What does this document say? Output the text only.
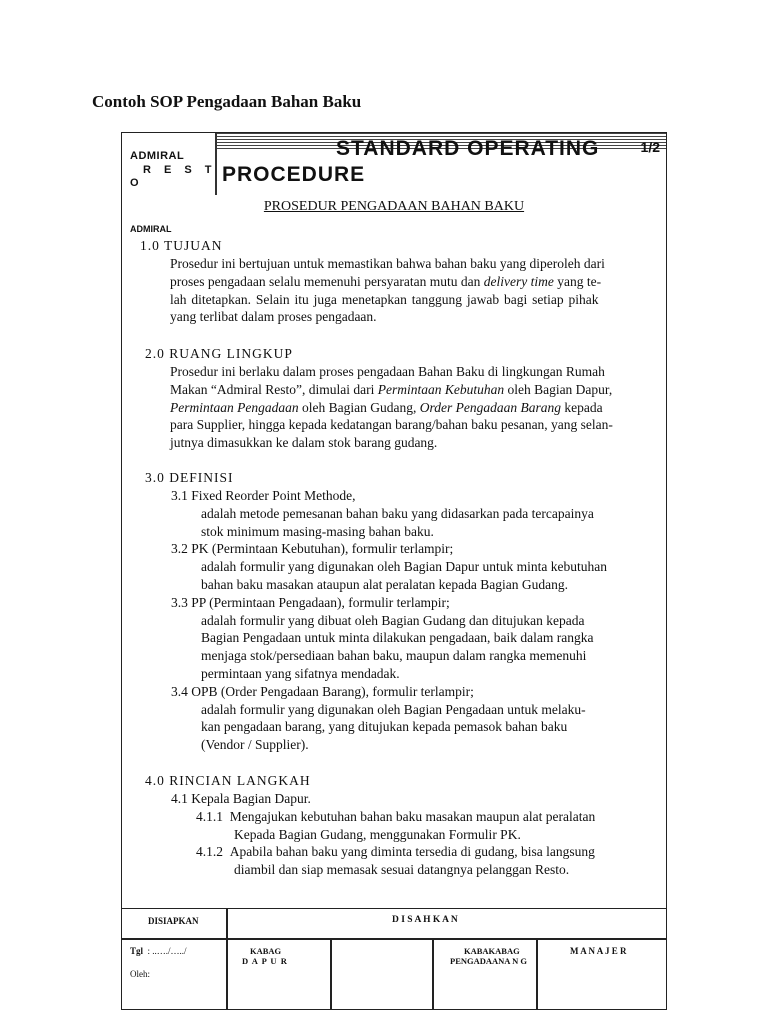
Contoh SOP Pengadaan Bahan Baku
ADMIRAL
R E S T
O
STANDARD OPERATING	1/2
PROCEDURE
PROSEDUR PENGADAAN BAHAN BAKU
ADMIRAL
1.0 TUJUAN
Prosedur ini bertujuan untuk memastikan bahwa bahan baku yang diperoleh dari
proses pengadaan selalu memenuhi persyaratan mutu dan delivery time yang te-
lah ditetapkan. Selain itu juga menetapkan tanggung jawab bagi setiap pihak
yang terlibat dalam proses pengadaan.
2.0 RUANG LINGKUP
Prosedur ini berlaku dalam proses pengadaan Bahan Baku di lingkungan Rumah
Makan “Admiral Resto”, dimulai dari Permintaan Kebutuhan oleh Bagian Dapur,
Permintaan Pengadaan oleh Bagian Gudang, Order Pengadaan Barang kepada
para Supplier, hingga kepada kedatangan barang/bahan baku pesanan, yang selan-
jutnya dimasukkan ke dalam stok barang gudang.
3.0 DEFINISI
3.1 Fixed Reorder Point Methode,
adalah metode pemesanan bahan baku yang didasarkan pada tercapainya
stok minimum masing-masing bahan baku.
3.2 PK (Permintaan Kebutuhan), formulir terlampir;
adalah formulir yang digunakan oleh Bagian Dapur untuk minta kebutuhan
bahan baku masakan ataupun alat peralatan kepada Bagian Gudang.
3.3 PP (Permintaan Pengadaan), formulir terlampir;
adalah formulir yang dibuat oleh Bagian Gudang dan ditujukan kepada
Bagian Pengadaan untuk minta dilakukan pengadaan, baik dalam rangka
menjaga stok/persediaan bahan baku, maupun dalam rangka memenuhi
permintaan yang sifatnya mendadak.
3.4 OPB (Order Pengadaan Barang), formulir terlampir;
adalah formulir yang digunakan oleh Bagian Pengadaan untuk melaku-
kan pengadaan barang, yang ditujukan kepada pemasok bahan baku
(Vendor / Supplier).
4.0 RINCIAN LANGKAH
4.1 Kepala Bagian Dapur.
4.1.1 Mengajukan kebutuhan bahan baku masakan maupun alat peralatan
Kepada Bagian Gudang, menggunakan Formulir PK.
4.1.2 Apabila bahan baku yang diminta tersedia di gudang, bisa langsung
diambil dan siap memasak sesuai datangnya pelanggan Resto.
DISIAPKAN	D I S A H K A N
Tgl : ..…./…../
Oleh:
KABAG
D A P U R
KABAKABAG
PENGADAANA N G
M A N A J E R
